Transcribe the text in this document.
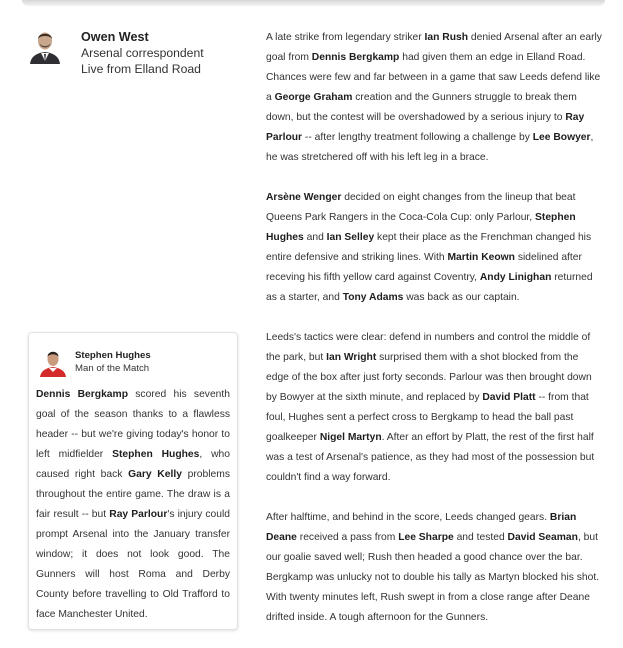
Owen West
Arsenal correspondent
Live from Elland Road

A late strike from legendary striker Ian Rush denied Arsenal after an early goal from Dennis Bergkamp had given them an edge in Elland Road. Chances were few and far between in a game that saw Leeds defend like a George Graham creation and the Gunners struggle to break them down, but the contest will be overshadowed by a serious injury to Ray Parlour -- after lengthy treatment following a challenge by Lee Bowyer, he was stretchered off with his left leg in a brace.

Arsène Wenger decided on eight changes from the lineup that beat Queens Park Rangers in the Coca-Cola Cup: only Parlour, Stephen Hughes and Ian Selley kept their place as the Frenchman changed his entire defensive and striking lines. With Martin Keown sidelined after receving his fifth yellow card against Coventry, Andy Linighan returned as a starter, and Tony Adams was back as our captain.

Leeds's tactics were clear: defend in numbers and control the middle of the park, but Ian Wright surprised them with a shot blocked from the edge of the box after just forty seconds. Parlour was then brought down by Bowyer at the sixth minute, and replaced by David Platt -- from that foul, Hughes sent a perfect cross to Bergkamp to head the ball past goalkeeper Nigel Martyn. After an effort by Platt, the rest of the first half was a test of Arsenal's patience, as they had most of the possession but couldn't find a way forward.

After halftime, and behind in the score, Leeds changed gears. Brian Deane received a pass from Lee Sharpe and tested David Seaman, but our goalie saved well; Rush then headed a good chance over the bar. Bergkamp was unlucky not to double his tally as Martyn blocked his shot. With twenty minutes left, Rush swept in from a close range after Deane drifted inside. A tough afternoon for the Gunners.

Stephen Hughes
Man of the Match
Dennis Bergkamp scored his seventh goal of the season thanks to a flawless header -- but we're giving today's honor to left midfielder Stephen Hughes, who caused right back Gary Kelly problems throughout the entire game. The draw is a fair result -- but Ray Parlour's injury could prompt Arsenal into the January transfer window; it does not look good. The Gunners will host Roma and Derby County before travelling to Old Trafford to face Manchester United.
